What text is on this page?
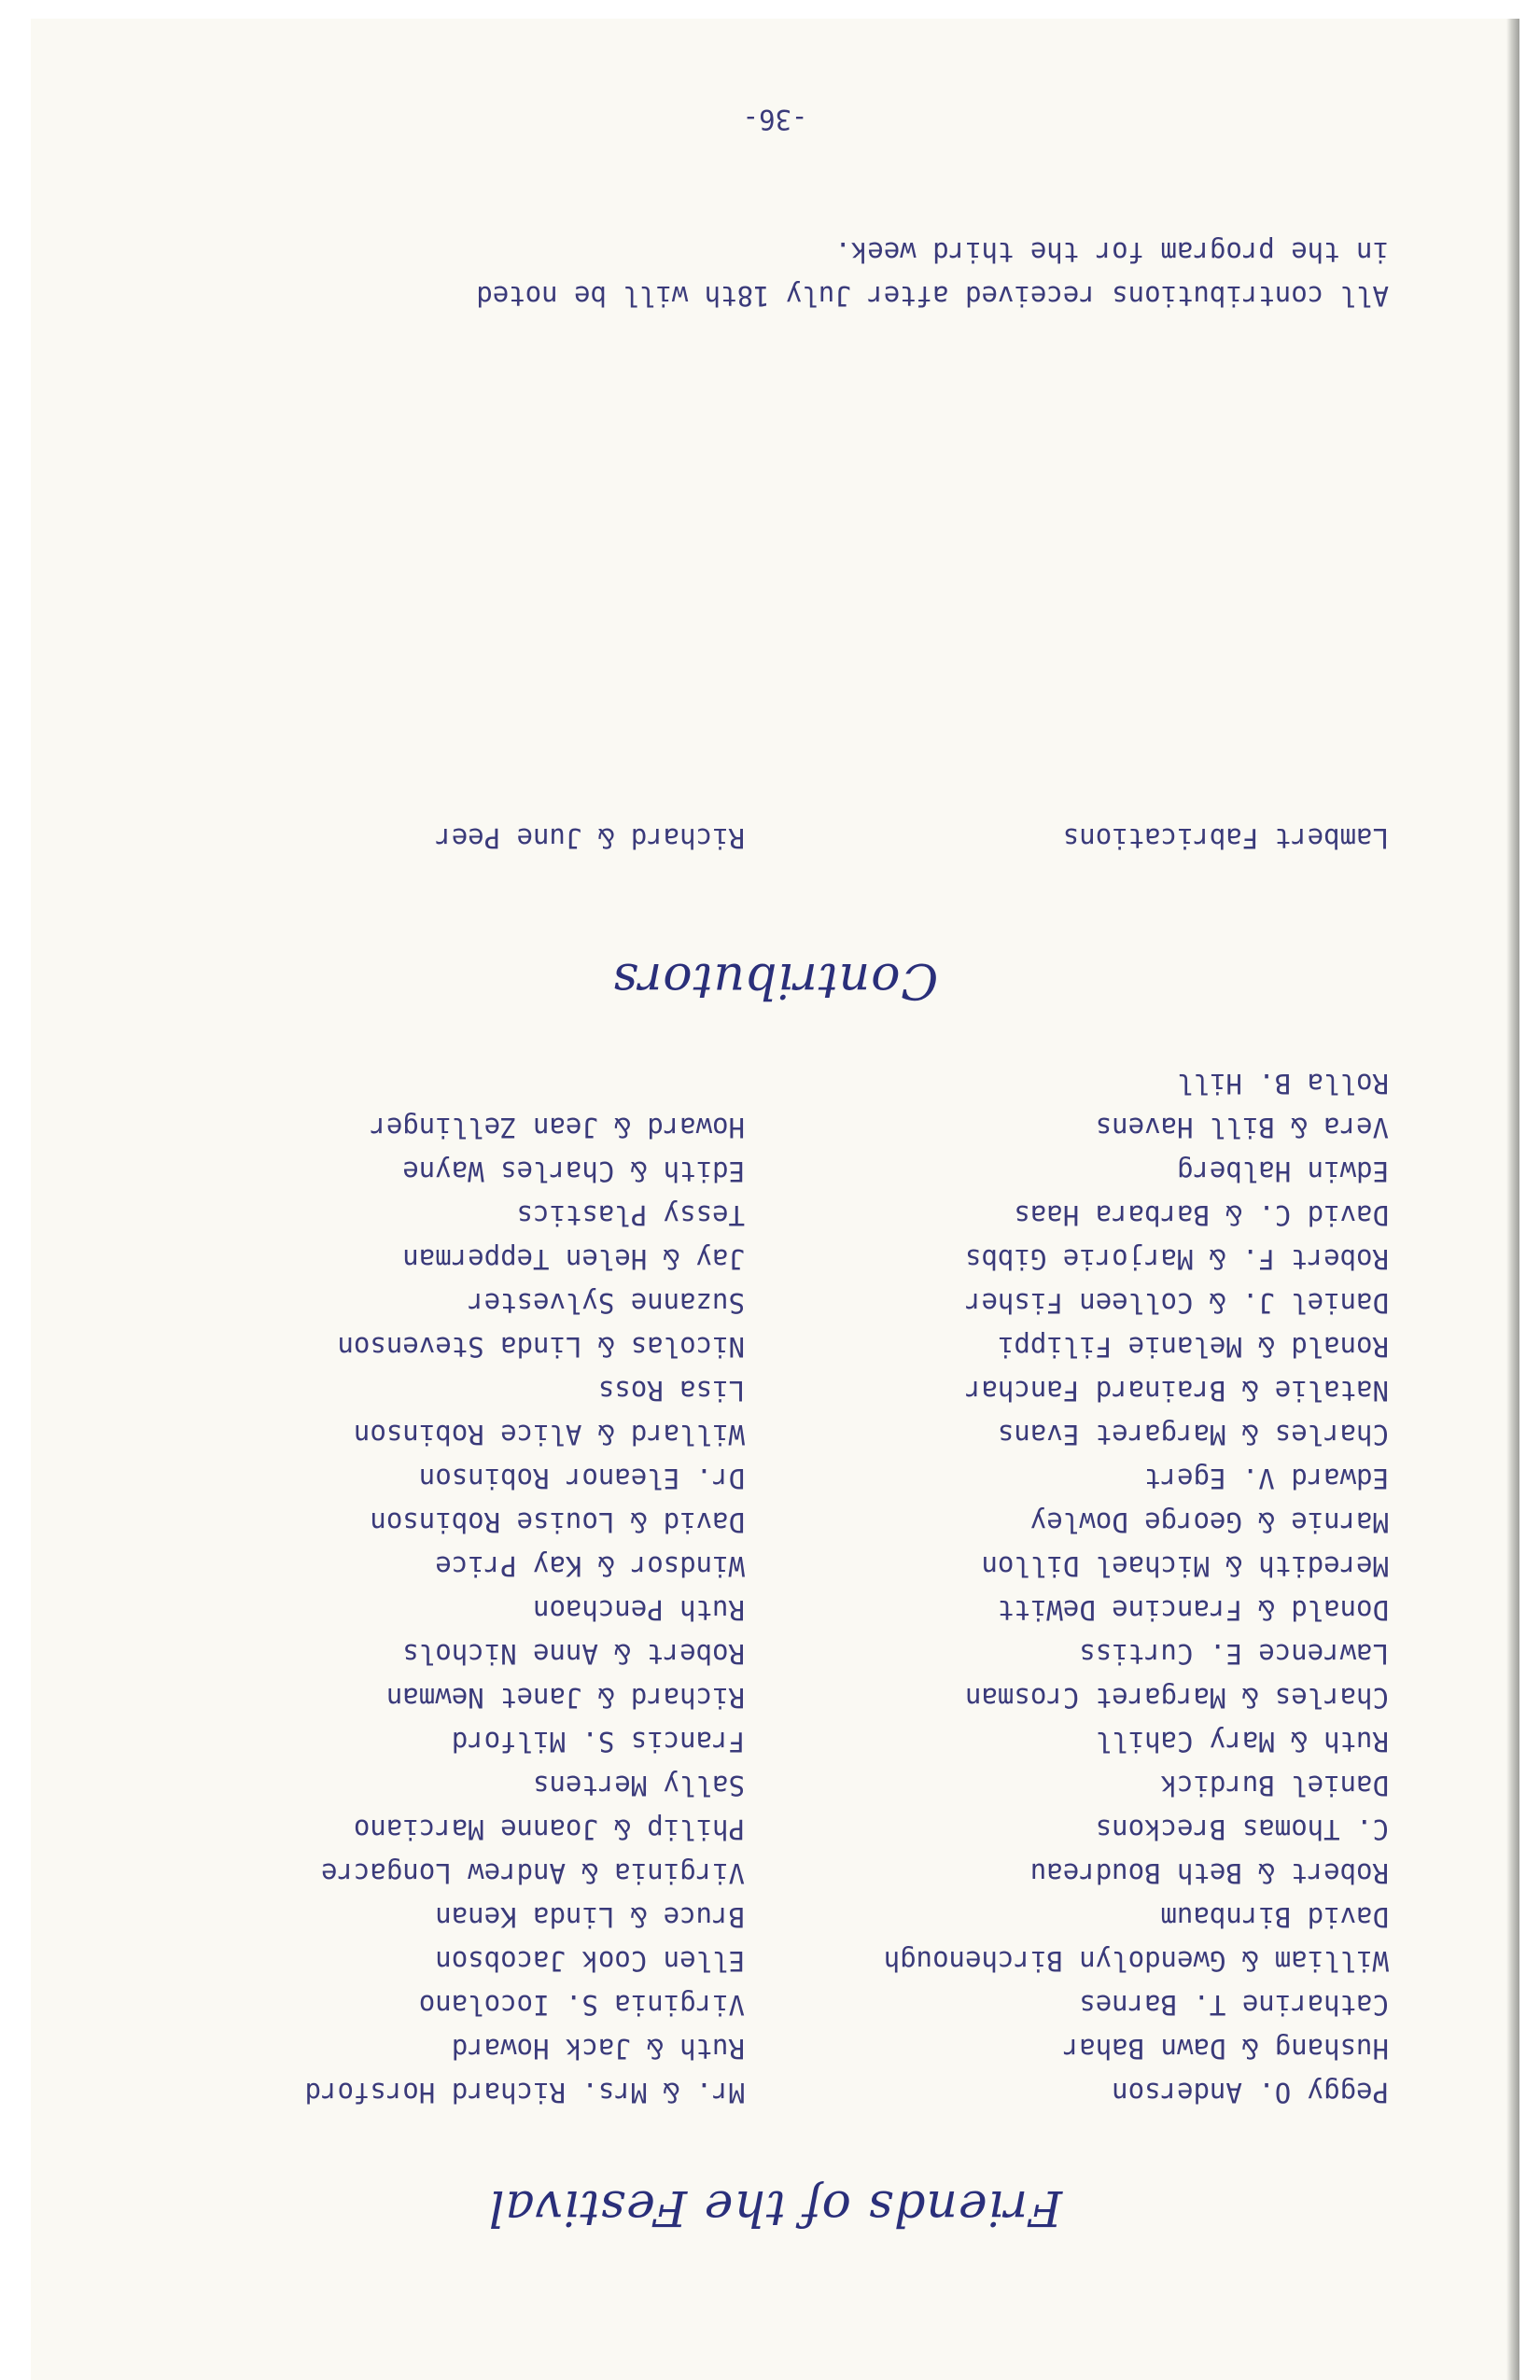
Friends of the Festival
Peggy O. Anderson
Hushang & Dawn Bahar
Catharine T. Barnes
William & Gwendolyn Birchenough
David Birnbaum
Robert & Beth Boudreau
C. Thomas Breckons
Daniel Burdick
Ruth & Mary Cahill
Charles & Margaret Crosman
Lawrence E. Curtiss
Donald & Francine DeWitt
Meredith & Michael Dillon
Marnie & George Dowley
Edward V. Egert
Charles & Margaret Evans
Natalie & Brainard Fanchar
Ronald & Melanie Filippi
Daniel J. & Colleen Fisher
Robert F. & Marjorie Gibbs
David C. & Barbara Haas
Edwin Halberg
Vera & Bill Havens
Rolla B. Hill
Mr. & Mrs. Richard Horsford
Ruth & Jack Howard
Virginia S. Iocolano
Ellen Cook Jacobson
Bruce & Linda Kenan
Virginia & Andrew Longacre
Philip & Joanne Marciano
Sally Mertens
Francis S. Milford
Richard & Janet Newman
Robert & Anne Nichols
Ruth Penchaon
Windsor & Kay Price
David & Louise Robinson
Dr. Eleanor Robinson
Willard & Alice Robinson
Lisa Ross
Nicolas & Linda Stevenson
Suzanne Sylvester
Jay & Helen Tepperman
Tessy Plastics
Edith & Charles Wayne
Howard & Jean Zellinger
Contributors
Lambert Fabrications
Richard & June Peer
All contributions received after July 18th will be noted
in the program for the third week.
-36-
